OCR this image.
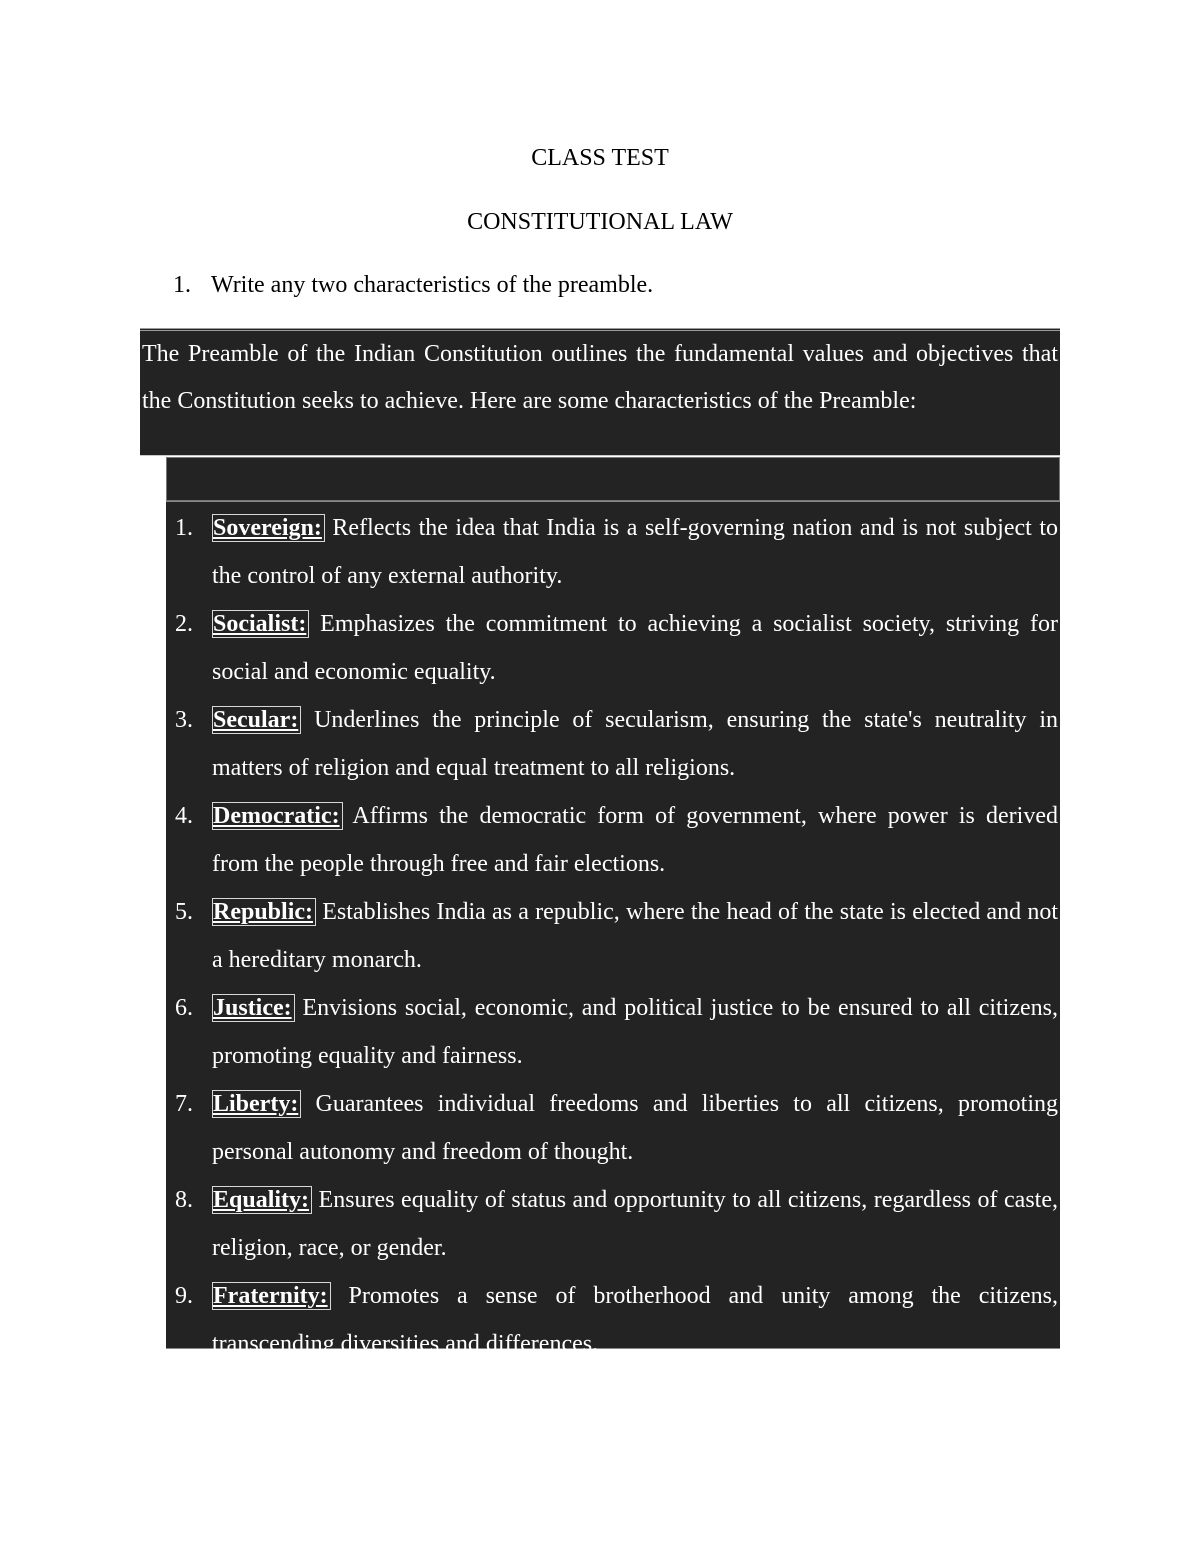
CLASS TEST
CONSTITUTIONAL LAW
1. Write any two characteristics of the preamble.
The Preamble of the Indian Constitution outlines the fundamental values and objectives that the Constitution seeks to achieve. Here are some characteristics of the Preamble:
1. Sovereign: Reflects the idea that India is a self-governing nation and is not subject to the control of any external authority.
2. Socialist: Emphasizes the commitment to achieving a socialist society, striving for social and economic equality.
3. Secular: Underlines the principle of secularism, ensuring the state's neutrality in matters of religion and equal treatment to all religions.
4. Democratic: Affirms the democratic form of government, where power is derived from the people through free and fair elections.
5. Republic: Establishes India as a republic, where the head of the state is elected and not a hereditary monarch.
6. Justice: Envisions social, economic, and political justice to be ensured to all citizens, promoting equality and fairness.
7. Liberty: Guarantees individual freedoms and liberties to all citizens, promoting personal autonomy and freedom of thought.
8. Equality: Ensures equality of status and opportunity to all citizens, regardless of caste, religion, race, or gender.
9. Fraternity: Promotes a sense of brotherhood and unity among the citizens, transcending diversities and differences.
